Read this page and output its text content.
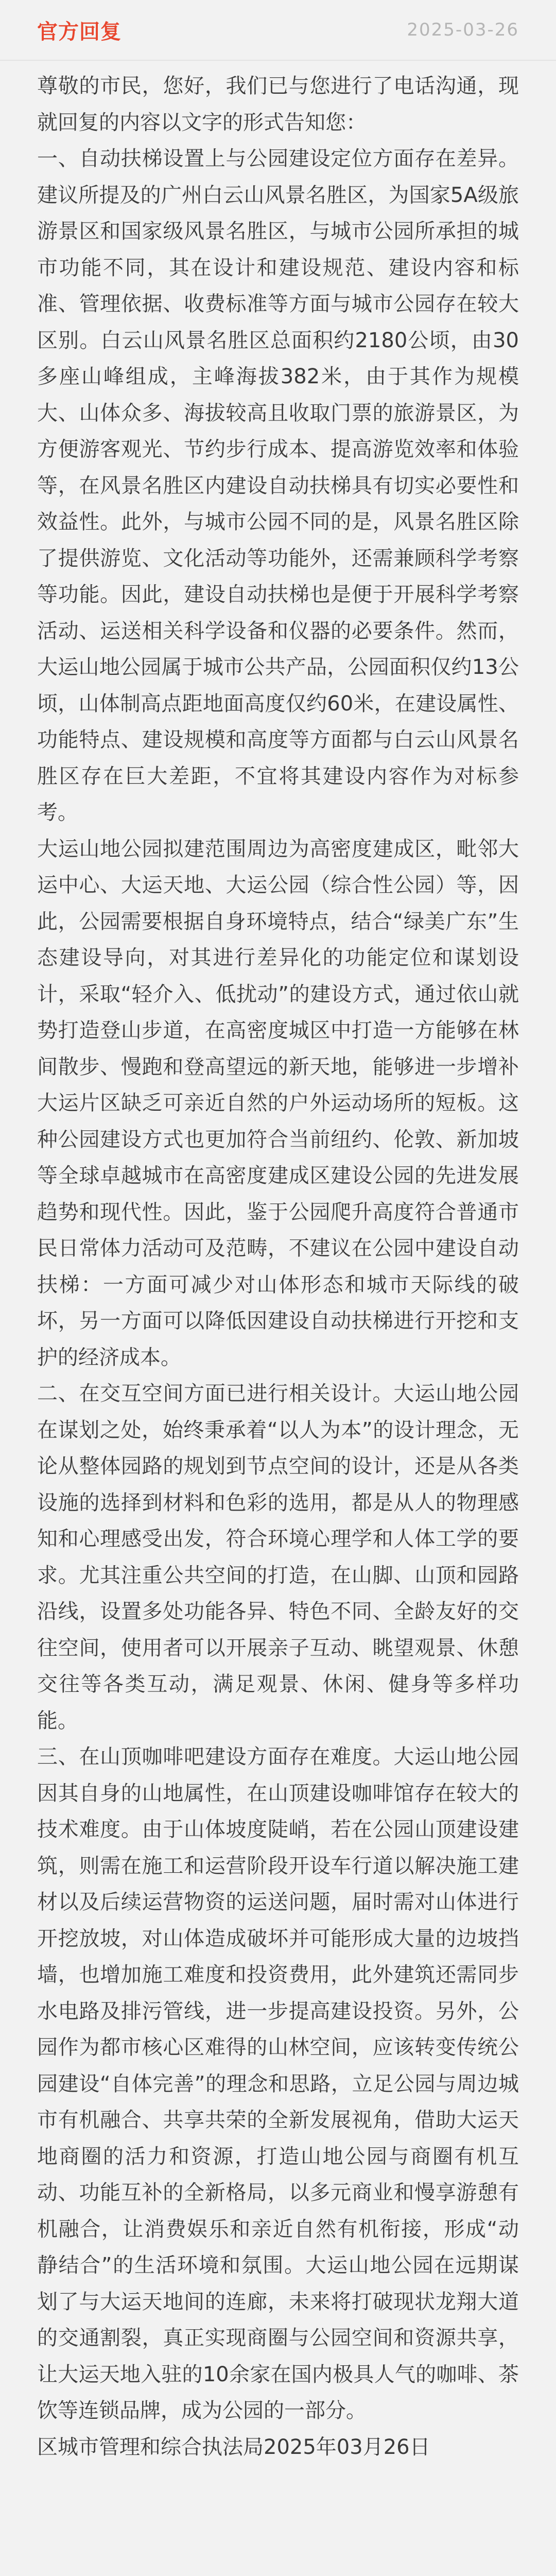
官方回复	2025-03-26

尊敬的市民，您好，我们已与您进行了电话沟通，现就回复的内容以文字的形式告知您：

一、自动扶梯设置上与公园建设定位方面存在差异。建议所提及的广州白云山风景名胜区，为国家5A级旅游景区和国家级风景名胜区，与城市公园所承担的城市功能不同，其在设计和建设规范、建设内容和标准、管理依据、收费标准等方面与城市公园存在较大区别。白云山风景名胜区总面积约2180公顷，由30多座山峰组成，主峰海拔382米，由于其作为规模大、山体众多、海拔较高且收取门票的旅游景区，为方便游客观光、节约步行成本、提高游览效率和体验等，在风景名胜区内建设自动扶梯具有切实必要性和效益性。此外，与城市公园不同的是，风景名胜区除了提供游览、文化活动等功能外，还需兼顾科学考察等功能。因此，建设自动扶梯也是便于开展科学考察活动、运送相关科学设备和仪器的必要条件。然而，大运山地公园属于城市公共产品，公园面积仅约13公顷，山体制高点距地面高度仅约60米，在建设属性、功能特点、建设规模和高度等方面都与白云山风景名胜区存在巨大差距，不宜将其建设内容作为对标参考。

大运山地公园拟建范围周边为高密度建成区，毗邻大运中心、大运天地、大运公园（综合性公园）等，因此，公园需要根据自身环境特点，结合“绿美广东”生态建设导向，对其进行差异化的功能定位和谋划设计，采取“轻介入、低扰动”的建设方式，通过依山就势打造登山步道，在高密度城区中打造一方能够在林间散步、慢跑和登高望远的新天地，能够进一步增补大运片区缺乏可亲近自然的户外运动场所的短板。这种公园建设方式也更加符合当前纽约、伦敦、新加坡等全球卓越城市在高密度建成区建设公园的先进发展趋势和现代性。因此，鉴于公园爬升高度符合普通市民日常体力活动可及范畴，不建议在公园中建设自动扶梯：一方面可减少对山体形态和城市天际线的破坏，另一方面可以降低因建设自动扶梯进行开挖和支护的经济成本。

二、在交互空间方面已进行相关设计。大运山地公园在谋划之处，始终秉承着“以人为本”的设计理念，无论从整体园路的规划到节点空间的设计，还是从各类设施的选择到材料和色彩的选用，都是从人的物理感知和心理感受出发，符合环境心理学和人体工学的要求。尤其注重公共空间的打造，在山脚、山顶和园路沿线，设置多处功能各异、特色不同、全龄友好的交往空间，使用者可以开展亲子互动、眺望观景、休憩交往等各类互动，满足观景、休闲、健身等多样功能。

三、在山顶咖啡吧建设方面存在难度。大运山地公园因其自身的山地属性，在山顶建设咖啡馆存在较大的技术难度。由于山体坡度陡峭，若在公园山顶建设建筑，则需在施工和运营阶段开设车行道以解决施工建材以及后续运营物资的运送问题，届时需对山体进行开挖放坡，对山体造成破坏并可能形成大量的边坡挡墙，也增加施工难度和投资费用，此外建筑还需同步水电路及排污管线，进一步提高建设投资。另外，公园作为都市核心区难得的山林空间，应该转变传统公园建设“自体完善”的理念和思路，立足公园与周边城市有机融合、共享共荣的全新发展视角，借助大运天地商圈的活力和资源，打造山地公园与商圈有机互动、功能互补的全新格局，以多元商业和慢享游憩有机融合，让消费娱乐和亲近自然有机衔接，形成“动静结合”的生活环境和氛围。大运山地公园在远期谋划了与大运天地间的连廊，未来将打破现状龙翔大道的交通割裂，真正实现商圈与公园空间和资源共享，让大运天地入驻的10余家在国内极具人气的咖啡、茶饮等连锁品牌，成为公园的一部分。

区城市管理和综合执法局2025年03月26日
